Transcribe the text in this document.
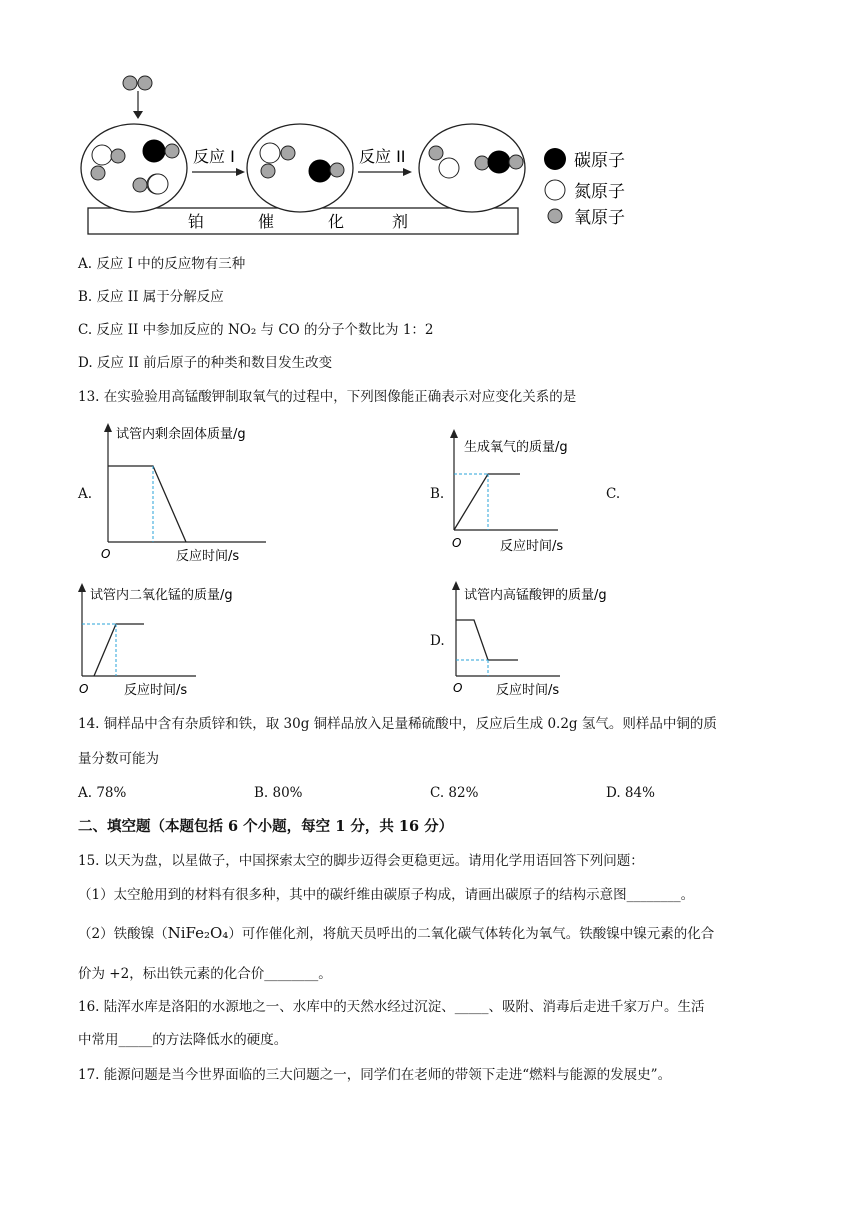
铂	催	化	剂
反应 I	反应 II	碳原子
氮原子
氧原子
A. 反应 I 中的反应物有三种
B. 反应 II 属于分解反应
C. 反应 II 中参加反应的 NO₂ 与 CO 的分子个数比为 1：2
D. 反应 II 前后原子的种类和数目发生改变
13. 在实验验用高锰酸钾制取氧气的过程中，下列图像能正确表示对应变化关系的是
A.
试管内剩余固体质量/g
O	反应时间/s
B.
生成氧气的质量/g
O	反应时间/s
C.
试管内二氧化锰的质量/g
O	反应时间/s
D.
试管内高锰酸钾的质量/g
O	反应时间/s
14. 铜样品中含有杂质锌和铁，取 30g 铜样品放入足量稀硫酸中，反应后生成 0.2g 氢气。则样品中铜的质
量分数可能为
A. 78%	B. 80%	C. 82%	D. 84%
二、填空题（本题包括 6 个小题，每空 1 分，共 16 分）
15. 以天为盘，以星做子，中国探索太空的脚步迈得会更稳更远。请用化学用语回答下列问题：
（1）太空舱用到的材料有很多种，其中的碳纤维由碳原子构成，请画出碳原子的结构示意图________。
（2）铁酸镍（NiFe₂O₄）可作催化剂，将航天员呼出的二氧化碳气体转化为氧气。铁酸镍中镍元素的化合
价为 +2，标出铁元素的化合价________。
16. 陆浑水库是洛阳的水源地之一、水库中的天然水经过沉淀、_____、吸附、消毒后走进千家万户。生活
中常用_____的方法降低水的硬度。
17. 能源问题是当今世界面临的三大问题之一，同学们在老师的带领下走进“燃料与能源的发展史”。
